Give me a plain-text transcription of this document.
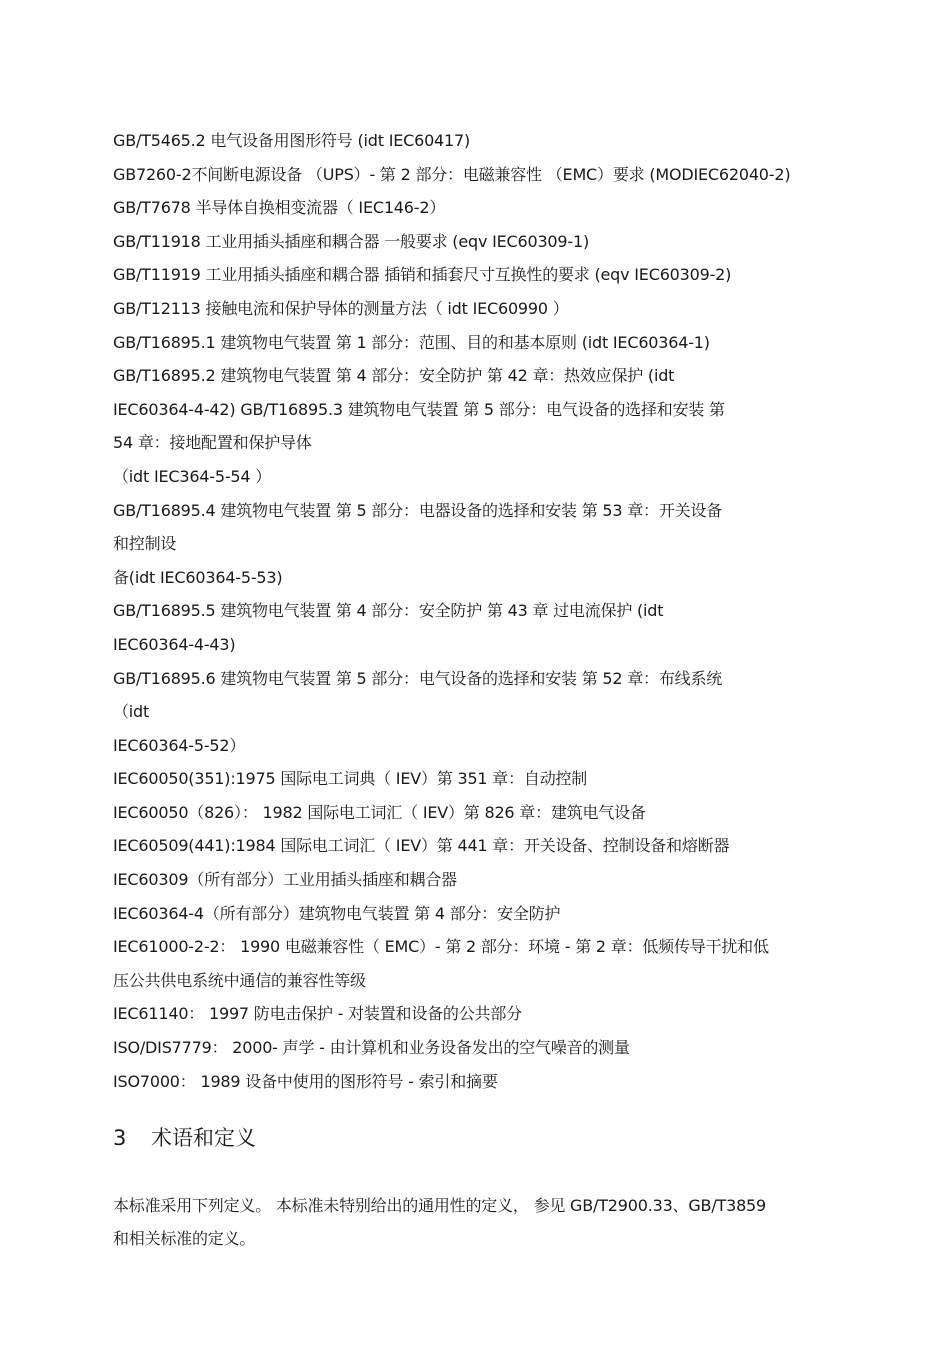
GB/T5465.2 电气设备用图形符号 (idt IEC60417)
GB7260-2不间断电源设备 （UPS）- 第 2 部分：电磁兼容性 （EMC）要求 (MODIEC62040-2)
GB/T7678 半导体自换相变流器（ IEC146-2）
GB/T11918 工业用插头插座和耦合器 一般要求 (eqv IEC60309-1)
GB/T11919 工业用插头插座和耦合器 插销和插套尺寸互换性的要求 (eqv IEC60309-2)
GB/T12113 接触电流和保护导体的测量方法（ idt IEC60990 ）
GB/T16895.1 建筑物电气装置 第 1 部分：范围、目的和基本原则 (idt IEC60364-1)
GB/T16895.2 建筑物电气装置 第 4 部分：安全防护 第 42 章：热效应保护 (idt
IEC60364-4-42) GB/T16895.3 建筑物电气装置 第 5 部分：电气设备的选择和安装 第
54 章：接地配置和保护导体
（idt IEC364-5-54 ）
GB/T16895.4 建筑物电气装置 第 5 部分：电器设备的选择和安装 第 53 章：开关设备
和控制设
备(idt IEC60364-5-53)
GB/T16895.5 建筑物电气装置 第 4 部分：安全防护 第 43 章 过电流保护 (idt
IEC60364-4-43)
GB/T16895.6 建筑物电气装置 第 5 部分：电气设备的选择和安装 第 52 章：布线系统
（idt
IEC60364-5-52）
IEC60050(351):1975 国际电工词典（ IEV）第 351 章：自动控制
IEC60050（826）： 1982 国际电工词汇（ IEV）第 826 章：建筑电气设备
IEC60509(441):1984 国际电工词汇（ IEV）第 441 章：开关设备、控制设备和熔断器
IEC60309（所有部分）工业用插头插座和耦合器
IEC60364-4（所有部分）建筑物电气装置 第 4 部分：安全防护
IEC61000-2-2： 1990 电磁兼容性（ EMC）- 第 2 部分：环境 - 第 2 章：低频传导干扰和低
压公共供电系统中通信的兼容性等级
IEC61140： 1997 防电击保护 - 对装置和设备的公共部分
ISO/DIS7779： 2000- 声学 - 由计算机和业务设备发出的空气噪音的测量
ISO7000： 1989 设备中使用的图形符号 - 索引和摘要
3 术语和定义
本标准采用下列定义。 本标准未特别给出的通用性的定义， 参见 GB/T2900.33、GB/T3859
和相关标准的定义。
